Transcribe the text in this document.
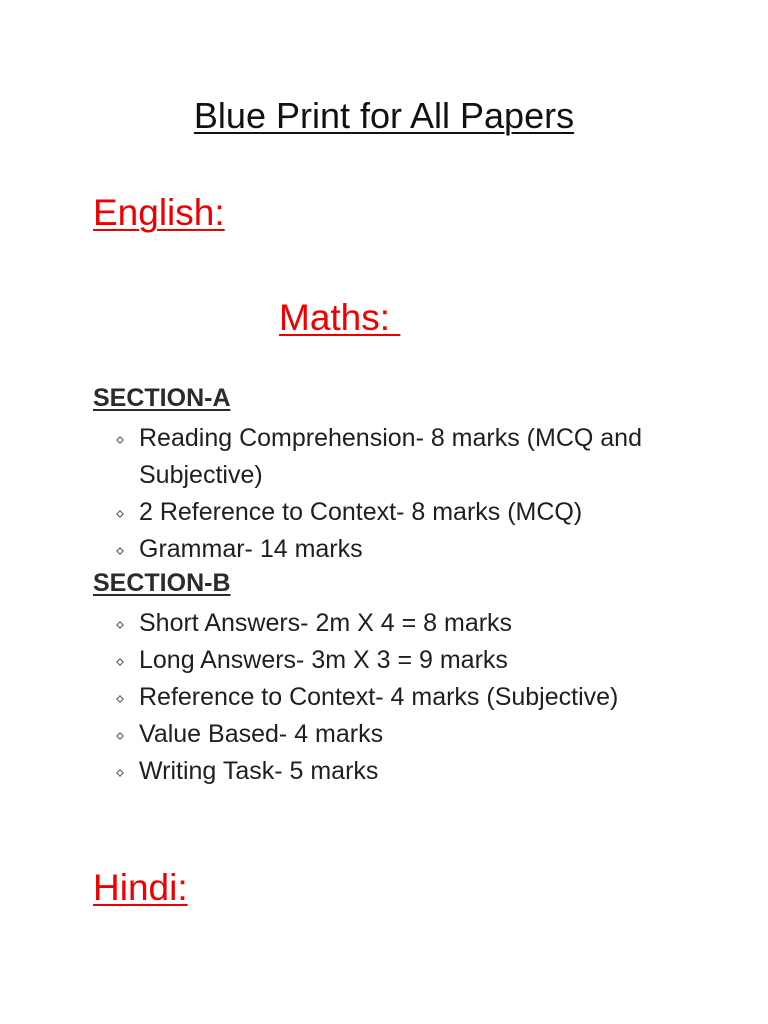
Blue Print for All Papers
English:
Maths:
SECTION-A
Reading Comprehension- 8 marks (MCQ and Subjective)
2 Reference to Context- 8 marks (MCQ)
Grammar- 14 marks
SECTION-B
Short Answers- 2m X 4 = 8 marks
Long Answers- 3m X 3 = 9 marks
Reference to Context- 4 marks (Subjective)
Value Based- 4 marks
Writing Task- 5 marks
Hindi:
